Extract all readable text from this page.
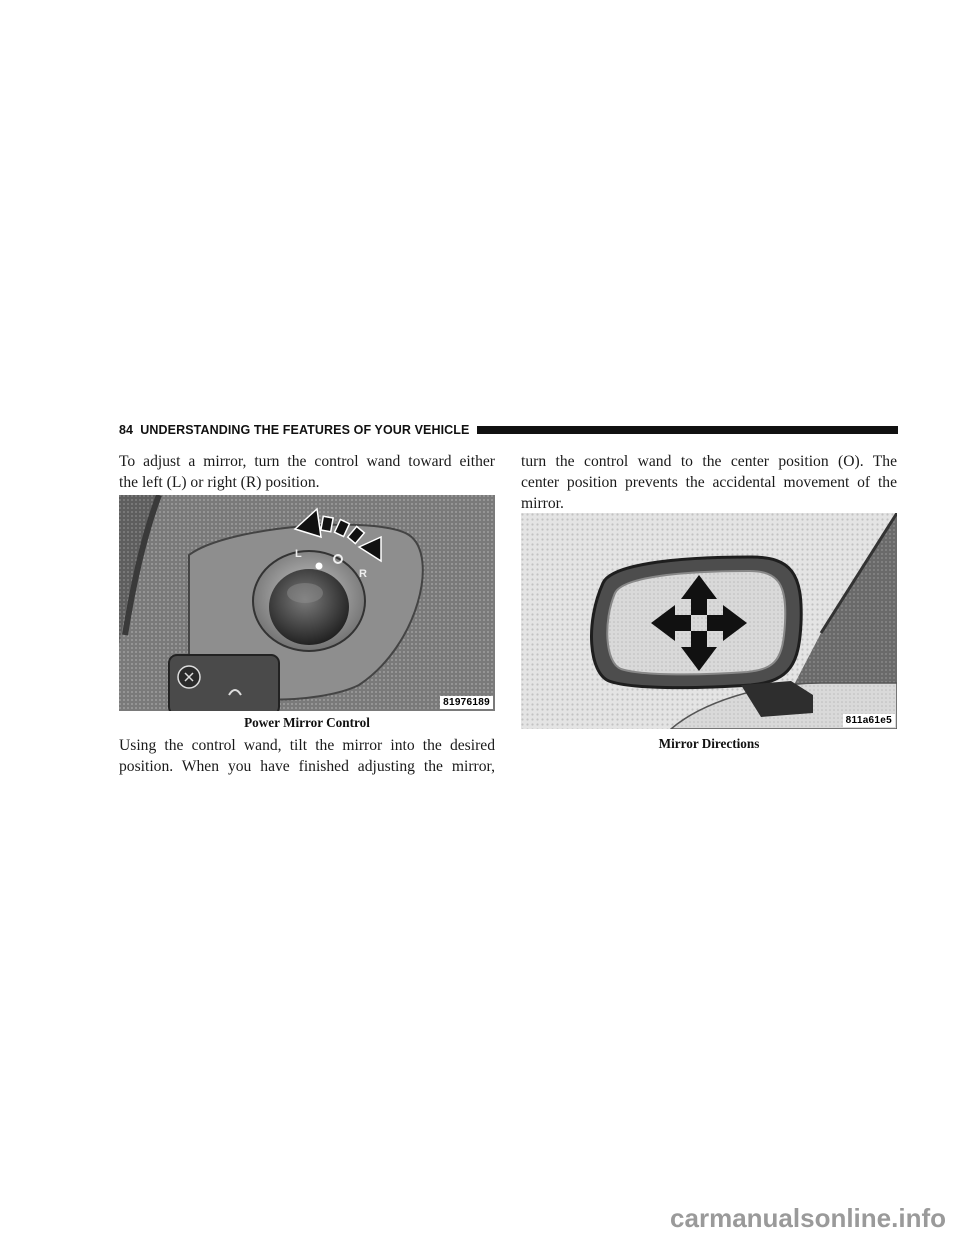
84 UNDERSTANDING THE FEATURES OF YOUR VEHICLE

To adjust a mirror, turn the control wand toward either
the left (L) or right (R) position.

L
R
81976189
Power Mirror Control

Using the control wand, tilt the mirror into the desired
position. When you have finished adjusting the mirror,

turn the control wand to the center position (O). The
center position prevents the accidental movement of the
mirror.

811a61e5
Mirror Directions
carmanualsonline.info
